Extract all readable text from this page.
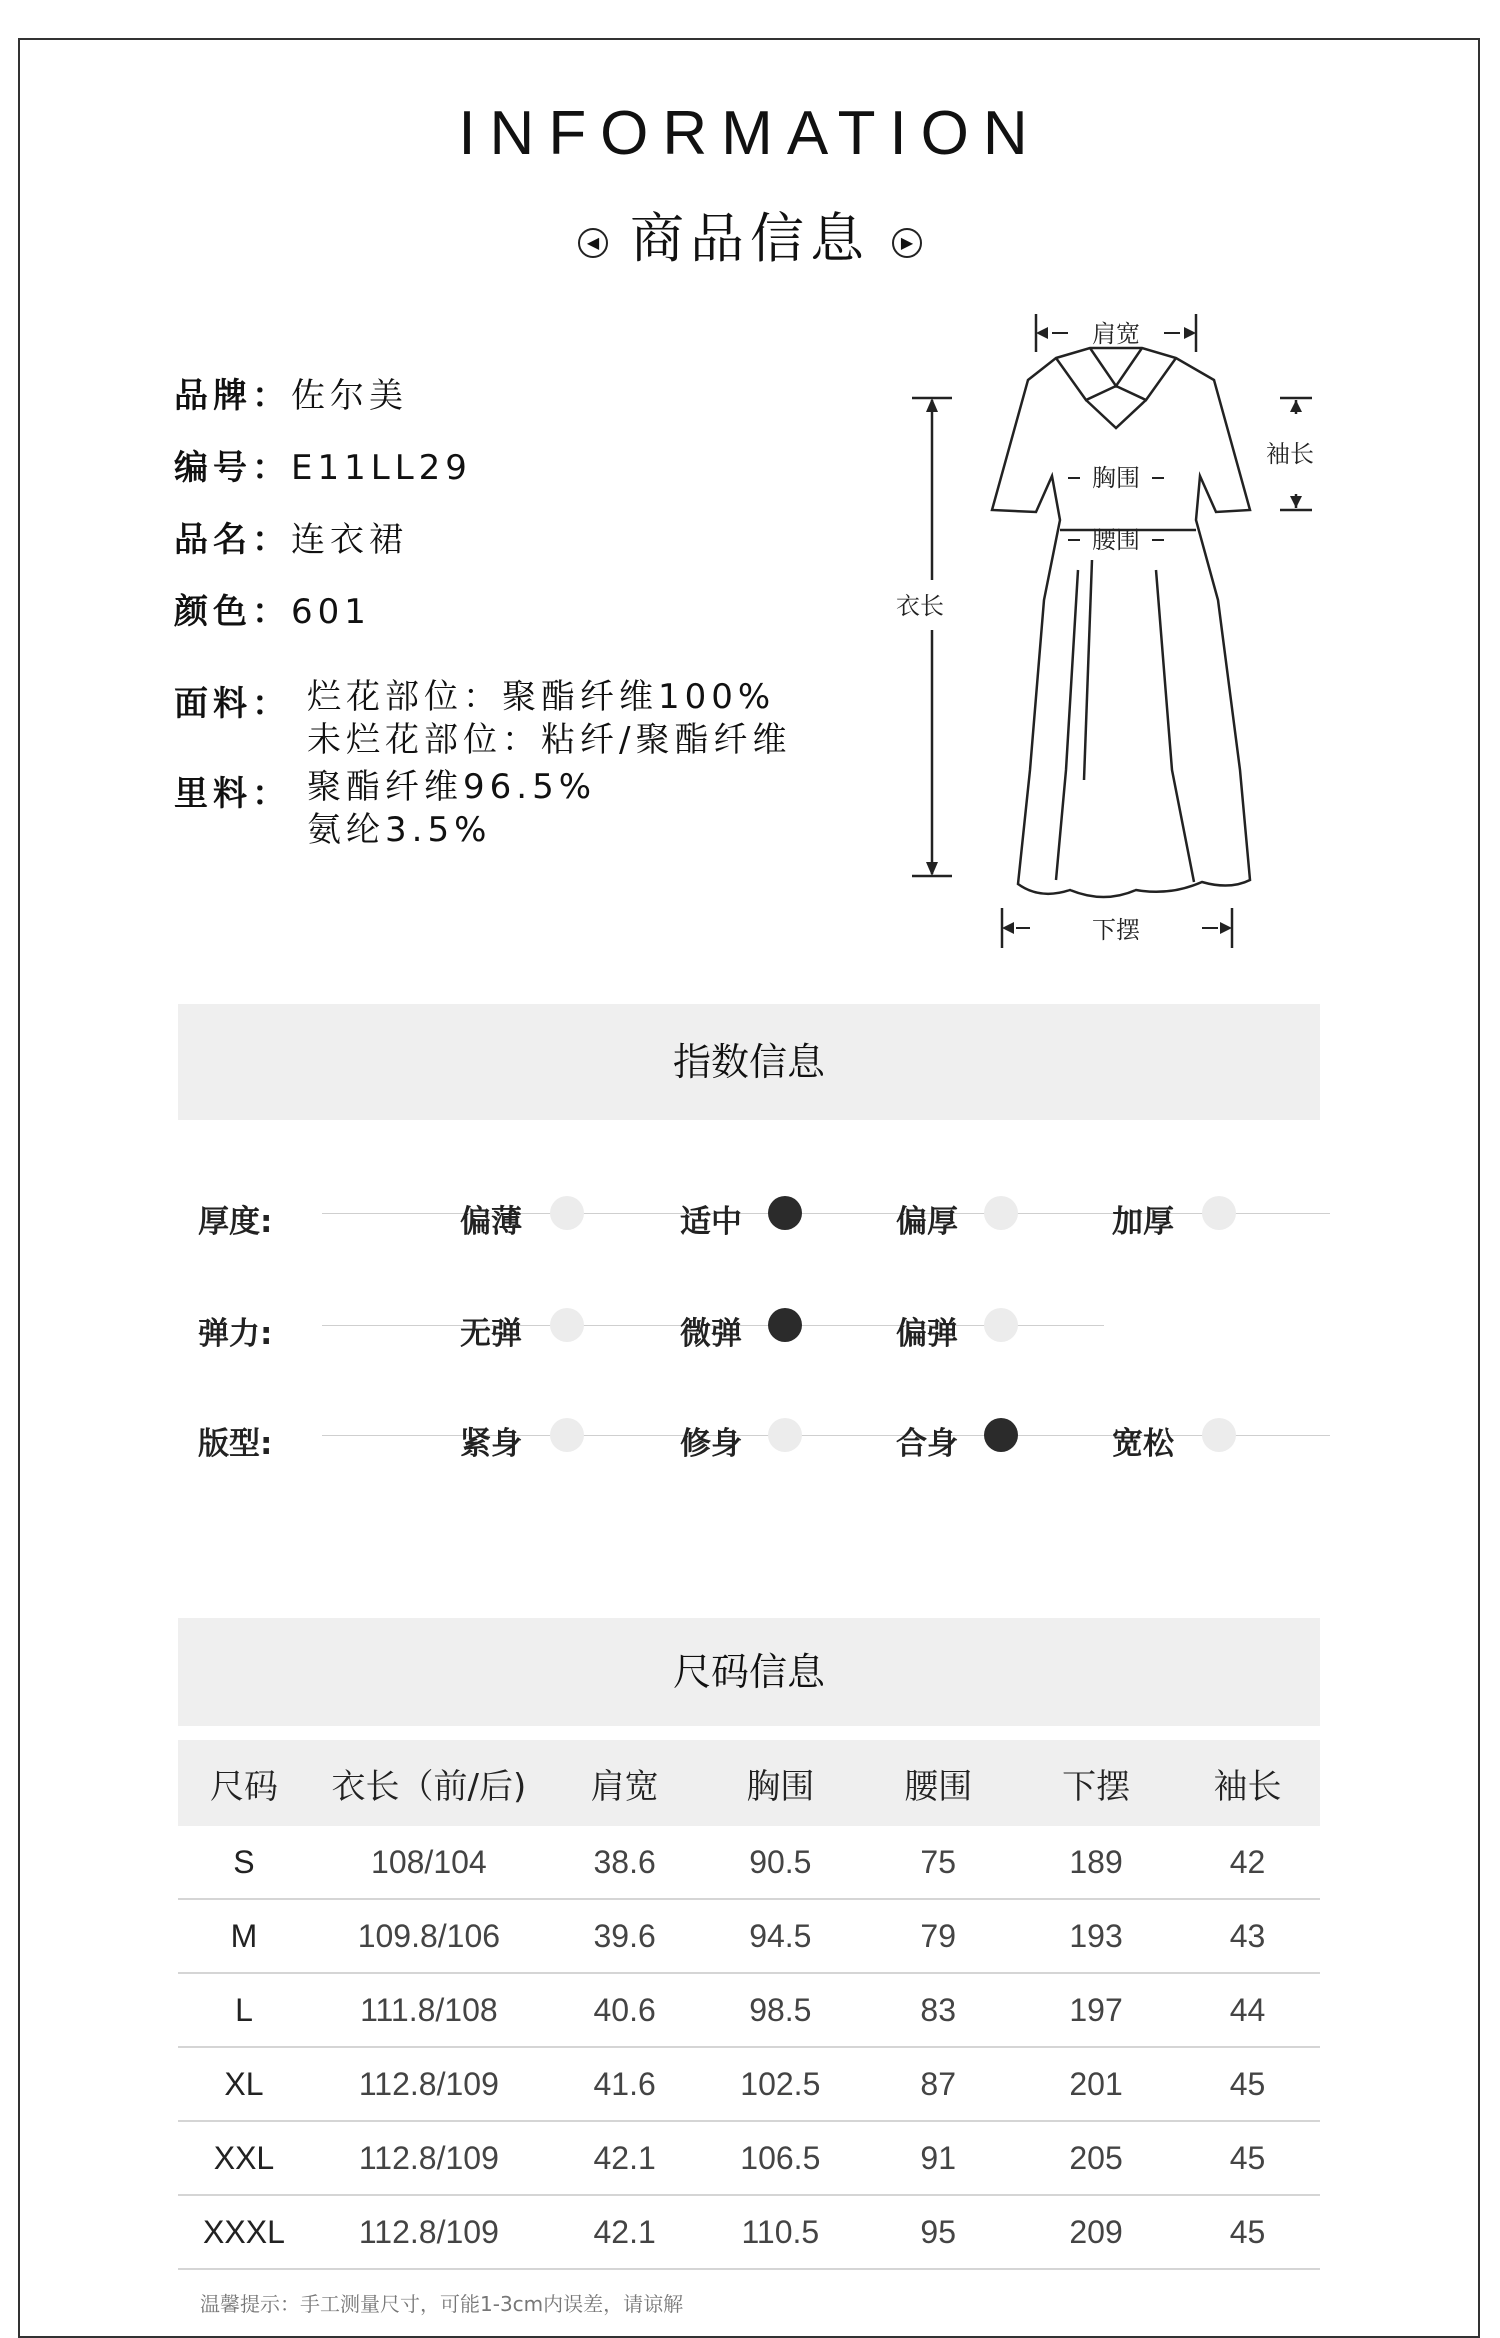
INFORMATION
◀ 商品信息 ▶
品牌：佐尔美
编号：E11LL29
品名：连衣裙
颜色：601
面料： 烂花部位：聚酯纤维100%
未烂花部位：粘纤/聚酯纤维
里料： 聚酯纤维96.5%
氨纶3.5%
肩宽
胸围
腰围
袖长
衣长
下摆
指数信息
厚度:	偏薄	适中	偏厚	加厚
弹力:	无弹	微弹	偏弹
版型:	紧身	修身	合身	宽松
尺码信息
尺码	衣长（前/后)	肩宽	胸围	腰围	下摆	袖长
S	108/104	38.6	90.5	75	189	42
M	109.8/106	39.6	94.5	79	193	43
L	111.8/108	40.6	98.5	83	197	44
XL	112.8/109	41.6	102.5	87	201	45
XXL	112.8/109	42.1	106.5	91	205	45
XXXL	112.8/109	42.1	110.5	95	209	45
温馨提示：手工测量尺寸，可能1-3cm内误差，请谅解
